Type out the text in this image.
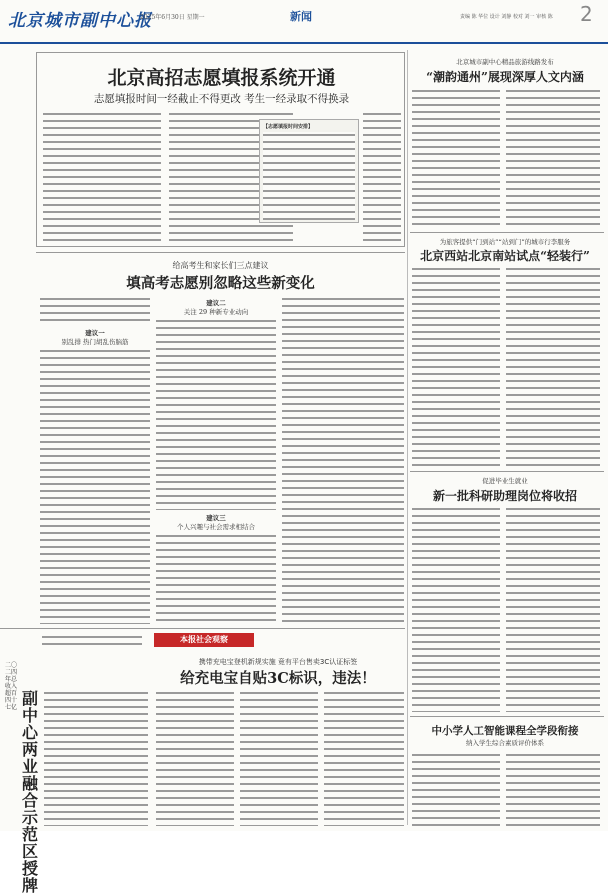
北京城市副中心报
2025年6月30日 星期一	新闻	责编 陈 华位 设计 刘静 校对 刘一 审核 陈 2
北京高招志愿填报系统开通
志愿填报时间一经截止不得更改 考生一经录取不得换录
【志愿填报时间安排】
给高考生和家长们三点建议
填高考志愿别忽略这些新变化
建议一
别乱排 热门胡乱伤脑筋
建议二
关注 29 种新专业动向
建议三
个人兴趣与社会需求相结合
北京城市副中心精品旅游线路发布
“潮韵通州”展现深厚人文内涵
为旅客提供“门到站”“站到门”的城市行李服务
北京西站北京南站试点“轻装行”
促进毕业生就业
新一批科研助理岗位将收招
中小学人工智能课程全学段衔接
纳入学生综合素质评价体系
二〇二四年总收入超百四十七亿 副中心两业融合示范区授牌
本报社会观察
携带充电宝登机新规实施 竟有平台售卖3C认证标签
给充电宝自贴3C标识，违法！
